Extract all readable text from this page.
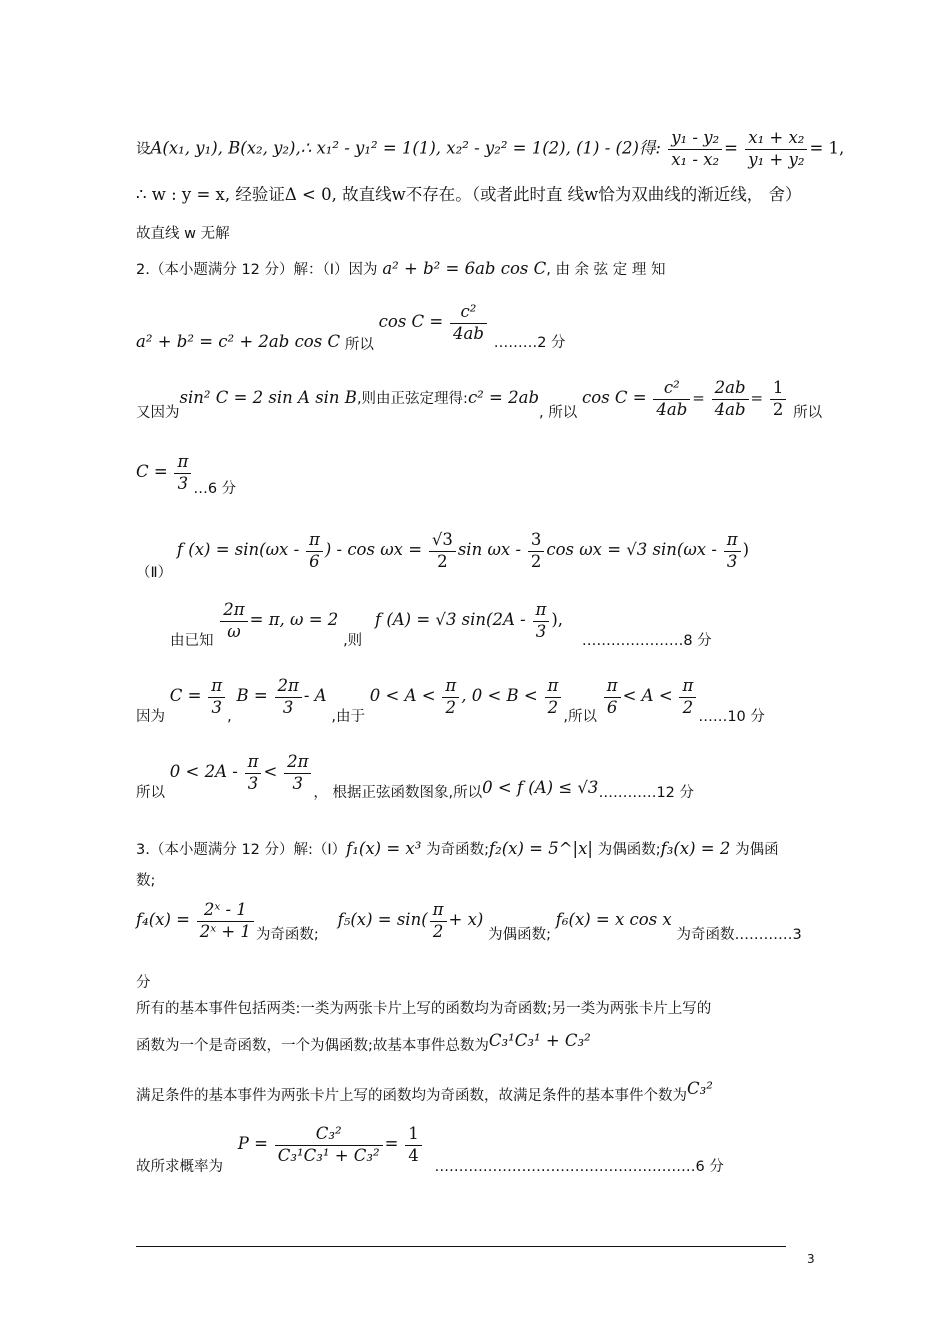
设A(x₁, y₁), B(x₂, y₂),∴ x₁² - y₁² = 1(1), x₂² - y₂² = 1(2), (1) - (2)得: $\frac{\text{y₁ - y₂}}{\text{x₁ - x₂}} = \frac{\text{x₁ + x₂}}{\text{y₁ + y₂}} = 1$,
∴ w : y = x, 经验证Δ < 0, 故直线w不存在。（或者此时直 线w恰为双曲线的渐近线， 舍）
故直线 w 无解
2.（本小题满分 12 分）解：（Ⅰ）因为 a² + b² = 6ab cos C, 由 余 弦 定 理 知
a² + b² = c² + 2ab cos C 所以 $\cos C = \frac{\text{c²}}{4ab}$ ………2 分
又因为sin² C = 2 sin A sin B,则由正弦定理得:c² = 2ab, 所以 $\cos C = \frac{\text{c²}}{4ab} = \frac{2ab}{4ab} = \frac{1}{2}$ 所以
$C = \frac{\pi}{3}$ …6 分
（Ⅱ） f $(x) = \sin(\omega x - \frac{\pi}{6}$ ) - $\cos \omega x = \frac{√3}{2}$ sin ωx - $\frac{3}{2}$ cos ωx = √3 $\sin(\omega x - \frac{\pi}{3}$ )
由已知 $\frac{2\pi}{\omega} = \pi$, ω = 2 ,则 f (A) = √3 $\sin(2A - \frac{\pi}{3}$ ), …………………8 分
因为 $C = \frac{\pi}{3}$ , $B = \frac{2\pi}{3} - A$ ,由于 $0 < A < \frac{\pi}{2}$ , $0 < B < \frac{\pi}{2}$ ,所以 $\frac{\pi}{6} < A < \frac{\pi}{2}$ ……10 分
所以 $0 < 2A - \frac{\pi}{3} < \frac{2\pi}{3}$ ， 根据正弦函数图象,所以0 < f (A) ≤ √3…………12 分
3.（本小题满分 12 分）解:（Ⅰ）f₁(x) = x³ 为奇函数;f₂(x) = 5^|x| 为偶函数;f₃(x) = 2 为偶函
数;
$f_4(x) = \frac{\text{2ˣ - 1}}{\text{2ˣ + 1}}$ 为奇函数; $f_5(x) = \sin( \frac{\pi}{2} + x)$ 为偶函数; f₆(x) = x cos x 为奇函数…………3
分
所有的基本事件包括两类:一类为两张卡片上写的函数均为奇函数;另一类为两张卡片上写的
函数为一个是奇函数，一个为偶函数;故基本事件总数为C₃¹C₃¹ + C₃²
满足条件的基本事件为两张卡片上写的函数均为奇函数，故满足条件的基本事件个数为C₃²
故所求概率为 $P = \frac{\text{C₃²}}{\text{C₃¹C₃¹ + C₃²}} = \frac{1}{4}$
………………………………………………6 分
3
